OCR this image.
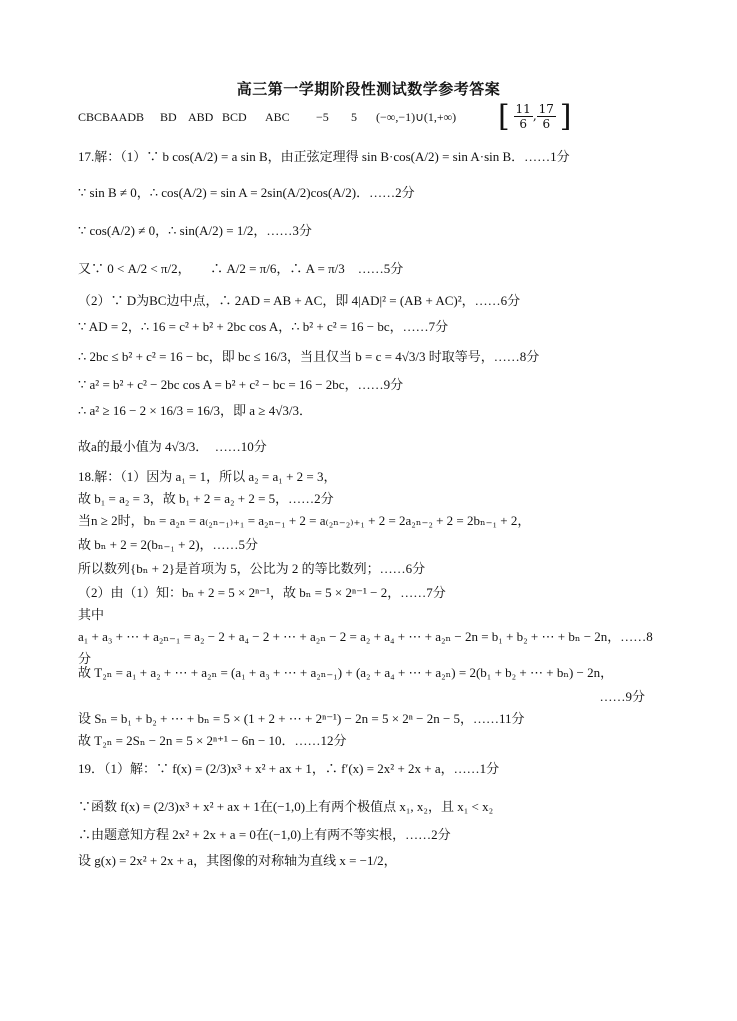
高三第一学期阶段性测试数学参考答案
CBCBAADB BD ABD BCD ABC −5 5 (−∞,−1)∪(1,+∞) [ $\frac{11}{6}$ , $\frac{17}{6}$ ]
17.解：（1）∵ b cos(A/2) = a sin B，由正弦定理得 sin B·cos(A/2) = sin A·sin B．……1分
∵ sin B ≠ 0，∴ cos(A/2) = sin A = 2sin(A/2)cos(A/2)．……2分
∵ cos(A/2) ≠ 0，∴ sin(A/2) = 1/2，……3分
又∵ 0 < A/2 < π/2，　　∴ A/2 = π/6，∴ A = π/3　……5分
（2）∵ D为BC边中点，∴ 2AD = AB + AC，即 4|AD|² = (AB + AC)²，……6分
∵ AD = 2，∴ 16 = c² + b² + 2bc cos A，∴ b² + c² = 16 − bc，……7分
∴ 2bc ≤ b² + c² = 16 − bc，即 bc ≤ 16/3，当且仅当 b = c = 4√3/3 时取等号，……8分
∵ a² = b² + c² − 2bc cos A = b² + c² − bc = 16 − 2bc，……9分
∴ a² ≥ 16 − 2 × 16/3 = 16/3，即 a ≥ 4√3/3．
故a的最小值为 4√3/3．　……10分
18.解：（1）因为 a₁ = 1，所以 a₂ = a₁ + 2 = 3，
故 b₁ = a₂ = 3，故 b₁ + 2 = a₂ + 2 = 5，……2分
当n ≥ 2时，bₙ = a₂ₙ = a₍₂ₙ₋₁₎₊₁ = a₂ₙ₋₁ + 2 = a₍₂ₙ₋₂₎₊₁ + 2 = 2a₂ₙ₋₂ + 2 = 2bₙ₋₁ + 2，
故 bₙ + 2 = 2(bₙ₋₁ + 2)，……5分
所以数列{bₙ + 2}是首项为 5，公比为 2 的等比数列；……6分
（2）由（1）知：bₙ + 2 = 5 × 2ⁿ⁻¹，故 bₙ = 5 × 2ⁿ⁻¹ − 2，……7分
其中
a₁ + a₃ + ⋯ + a₂ₙ₋₁ = a₂ − 2 + a₄ − 2 + ⋯ + a₂ₙ − 2 = a₂ + a₄ + ⋯ + a₂ₙ − 2n = b₁ + b₂ + ⋯ + bₙ − 2n，……8
分
故 T₂ₙ = a₁ + a₂ + ⋯ + a₂ₙ = (a₁ + a₃ + ⋯ + a₂ₙ₋₁) + (a₂ + a₄ + ⋯ + a₂ₙ) = 2(b₁ + b₂ + ⋯ + bₙ) − 2n，
……9分
设 Sₙ = b₁ + b₂ + ⋯ + bₙ = 5 × (1 + 2 + ⋯ + 2ⁿ⁻¹) − 2n = 5 × 2ⁿ − 2n − 5，……11分
故 T₂ₙ = 2Sₙ − 2n = 5 × 2ⁿ⁺¹ − 6n − 10．……12分
19．（1）解：∵ f(x) = (2/3)x³ + x² + ax + 1，∴ f′(x) = 2x² + 2x + a，……1分
∵函数 f(x) = (2/3)x³ + x² + ax + 1在(−1,0)上有两个极值点 x₁, x₂，且 x₁ < x₂
∴由题意知方程 2x² + 2x + a = 0在(−1,0)上有两不等实根，……2分
设 g(x) = 2x² + 2x + a，其图像的对称轴为直线 x = −1/2，
